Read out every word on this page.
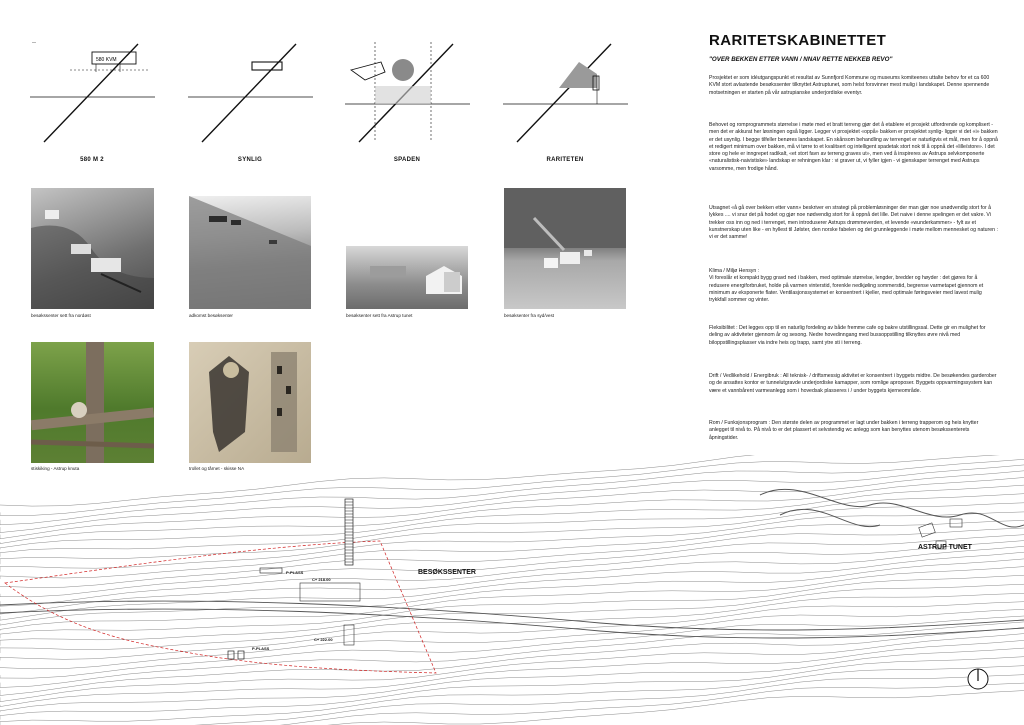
580 KVM
580 M 2	SYNLIG	SPADEN	RARITETEN
besøkssenter sett fra nordøst	adkomst besøksenter	besøksenter sett fra Astrup tunet	besøksenter fra syd/vest
stiskiking - Astrup knuta	trollet og tårnet - skisse NA
RARITETSKABINETTET
"OVER BEKKEN ETTER VANN / NNAV RETTE NEKKEB REVO"

Prosjektet er som idéutgangspunkt et resultat av Sunnfjord Kommune og museums komiteenes uttalte behov for et ca 600 KVM stort avlastende besøkssenter tilknyttet Astruptunet, som helst forsvinner mest mulig i landskapet. Denne spennende motsetningen er starten på vår astrupianske underjordiske eventyr.

Behovet og romprogrammets størrelse i møte med et bratt terreng gjør det å etablere et prosjekt utfordrende og komplisert - men det er akkurat her løsningen også ligger. Legger vi prosjektet «oppå» bakken er prosjektet synlig- ligger vi det «i» bakken er det usynlig. I begge tilfeller benøres landskapet. En skånsom behandling av terrenget er naturligvis et mål, men for å oppnå et redigert minimum over bakken, må vi tørre to et kvalitsert og intelligent spadetak stort nok til å oppnå det «lille/store». I det store og hele er inngrepet radikalt, «et stort favn av terreng graves ut», men ved å inspireres av Astrups selvkomponerte «naturalistisk-naivistiske» landskap er rehningen klar : vi graver ut, vi fyller igjen - vi gjenskaper terrenget med Astrups varsomme, men frodige hånd.

Utsagnet «å gå over bekken etter vann» beskriver en strategi på problemløsninger der man gjør noe unødvendig stort for å lykkes .... vi snur det på hodet og gjør noe nødvendig stort for å oppnå det lille. Det naive i denne spelingen er det vakre. Vi trekker oss inn og ned i terrenget, men introduserer Astrups drømmeverden, et levende «wunderkammer» - fylt av et kunstnerskap uten like - en hyllest til Jølster, den norske fabelen og det grunnleggende i møte mellom mennesket og naturen : vi er det samme!

Klima / Miljø Hensyn :
Vi foreslår et kompakt bygg gravd ned i bakken, med optimale størrelse, lengder, bredder og høyder : det gjøres for å redusere energiforbruket, holde på varmen vinterstid, forenkle nedkjøling sommerstid, begrense varmetapet gjennom et minimum av eksponerte flater. Ventilasjonssystemet er konsentrert i kjeller, med optimale føringsveier med lavest mulig trykkfall sommer og vinter.

Fleksibilitet : Det legges opp til en naturlig fordeling av både fremme cafe og bakre utstillingssal. Dette gir en mulighet for deling av aktiviteter gjennom år og sesong. Nedre hovedinngang med bussoppstilling tilknyttes øvre nivå med biloppstillingsplasser via indre heis og trapp, samt ytre sti i terreng.

Drift / Vedlikehold / Energibruk : All teknisk- / driftsmessig aktivitet er konsentrert i byggets midtre. De besøkendes garderober og de ansattes kontor er tunnelutgravde underjordiske kamapper, som romlige aproposer. Byggets oppvarmingssystem kan være et vannbårent varmeanlegg som i hovedsak plasseres i / under byggets kjerneområde.

Rom / Funksjonsprogram : Den største delen av programmet er lagt under bakken i terreng trapperom og heis knytter anlegget til nivå to. På nivå to er det plassert et selvstendig wc anlegg som kan benyttes utenom besøkssenterets åpningstider.

BESØKSSENTER
ASTRUP TUNET
P-PLASS
P-PLASS
C+ 218.00
C+ 222.00
